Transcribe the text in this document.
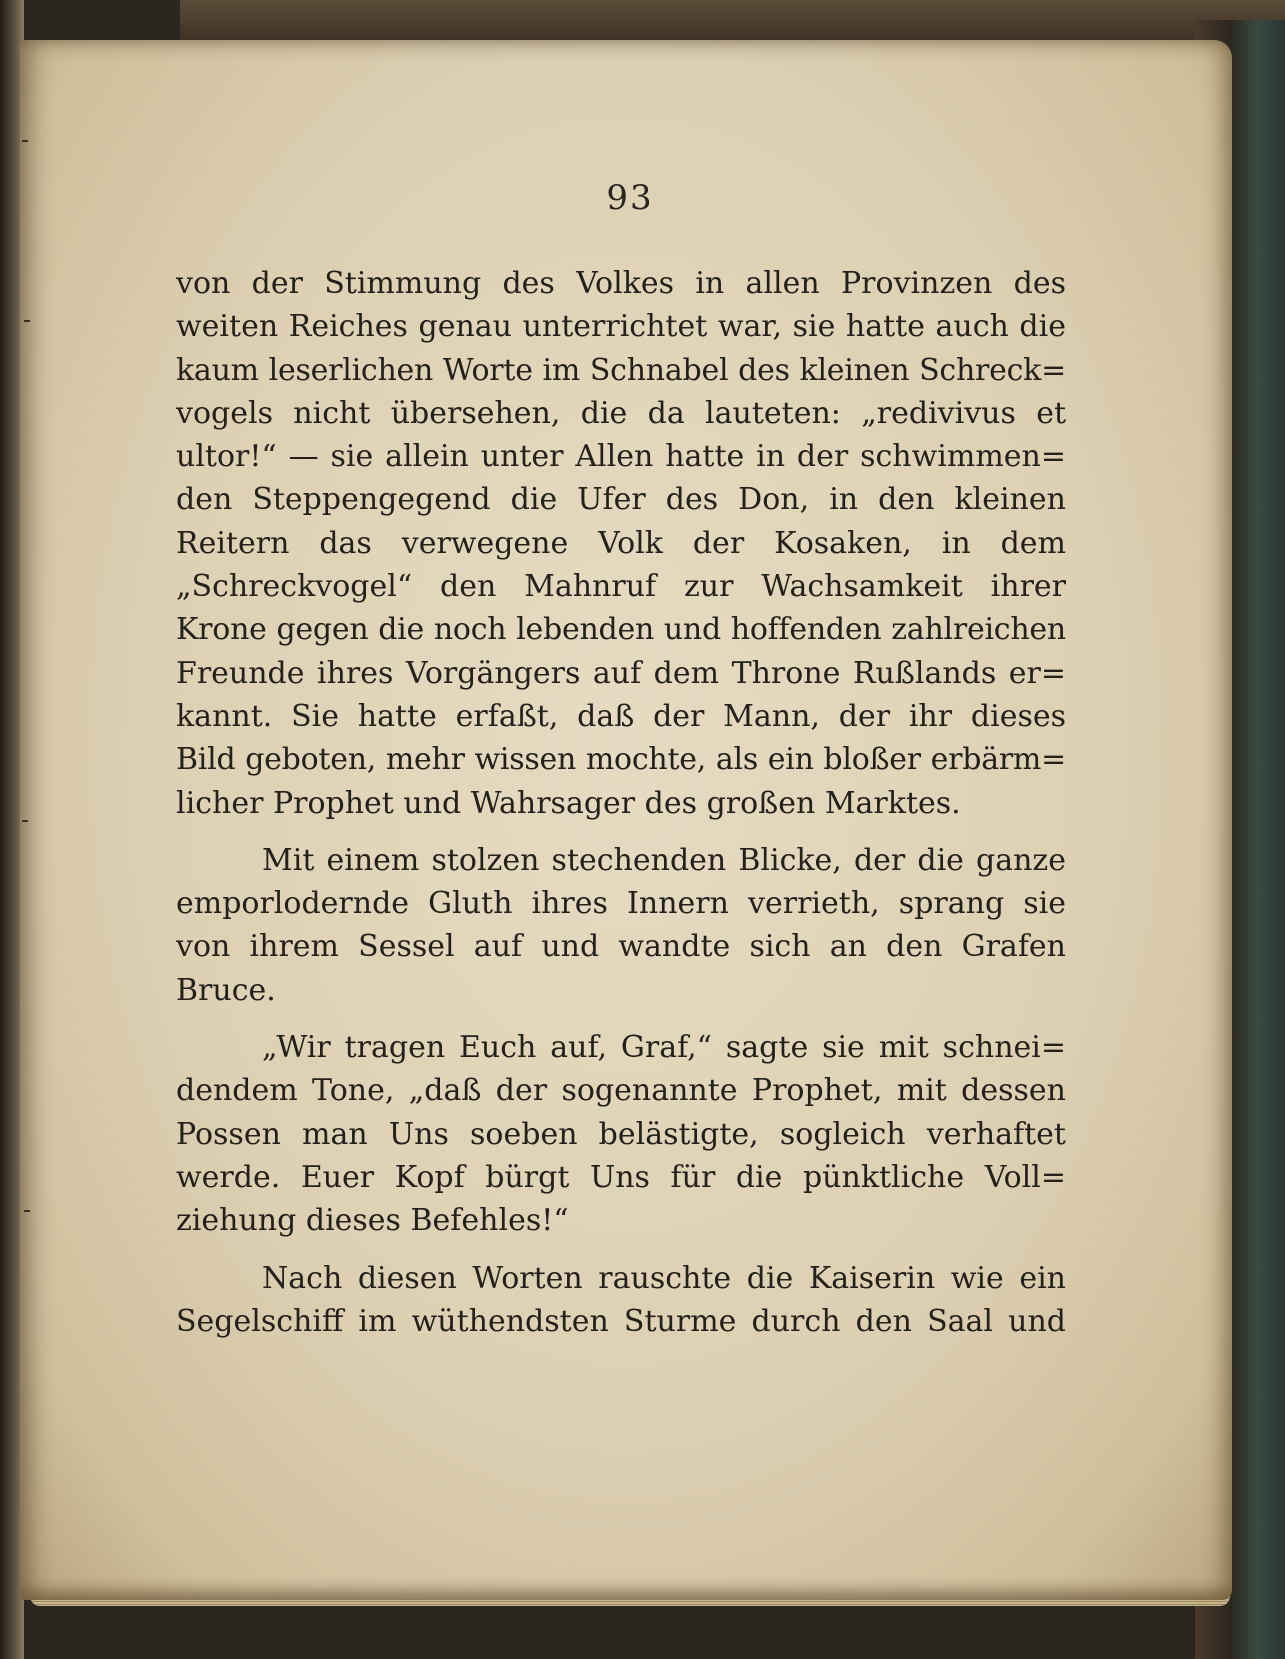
93

von der Stimmung des Volkes in allen Provinzen des
weiten Reiches genau unterrichtet war, sie hatte auch die
kaum leserlichen Worte im Schnabel des kleinen Schreck=
vogels nicht übersehen, die da lauteten: „redivivus et
ultor!“ — sie allein unter Allen hatte in der schwimmen=
den Steppengegend die Ufer des Don, in den kleinen
Reitern das verwegene Volk der Kosaken, in dem
„Schreckvogel“ den Mahnruf zur Wachsamkeit ihrer
Krone gegen die noch lebenden und hoffenden zahlreichen
Freunde ihres Vorgängers auf dem Throne Rußlands er=
kannt. Sie hatte erfaßt, daß der Mann, der ihr dieses
Bild geboten, mehr wissen mochte, als ein bloßer erbärm=
licher Prophet und Wahrsager des großen Marktes.

Mit einem stolzen stechenden Blicke, der die ganze
emporlodernde Gluth ihres Innern verrieth, sprang sie
von ihrem Sessel auf und wandte sich an den Grafen
Bruce.

„Wir tragen Euch auf, Graf,“ sagte sie mit schnei=
dendem Tone, „daß der sogenannte Prophet, mit dessen
Possen man Uns soeben belästigte, sogleich verhaftet
werde. Euer Kopf bürgt Uns für die pünktliche Voll=
ziehung dieses Befehles!“

Nach diesen Worten rauschte die Kaiserin wie ein
Segelschiff im wüthendsten Sturme durch den Saal und
